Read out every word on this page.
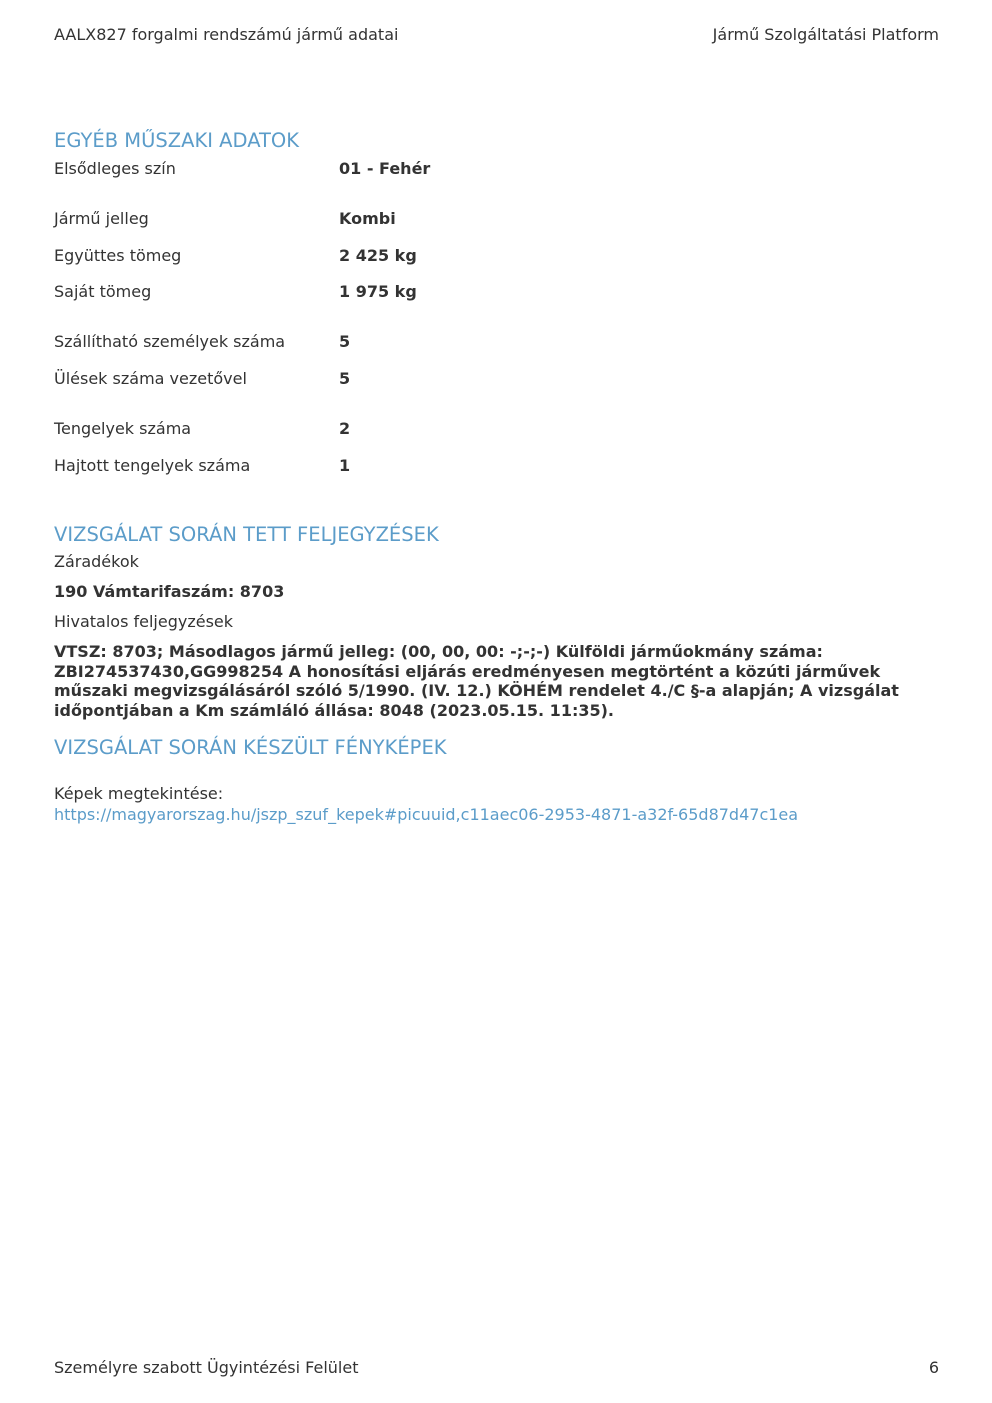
AALX827 forgalmi rendszámú jármű adatai	Jármű Szolgáltatási Platform
EGYÉB MŰSZAKI ADATOK
Elsődleges szín	01 - Fehér
Jármű jelleg	Kombi
Együttes tömeg	2 425 kg
Saját tömeg	1 975 kg
Szállítható személyek száma	5
Ülések száma vezetővel	5
Tengelyek száma	2
Hajtott tengelyek száma	1
VIZSGÁLAT SORÁN TETT FELJEGYZÉSEK
Záradékok
190 Vámtarifaszám: 8703
Hivatalos feljegyzések
VTSZ: 8703; Másodlagos jármű jelleg: (00, 00, 00: -;-;-) Külföldi járműokmány száma:
ZBI274537430,GG998254 A honosítási eljárás eredményesen megtörtént a közúti járművek
műszaki megvizsgálásáról szóló 5/1990. (IV. 12.) KÖHÉM rendelet 4./C §-a alapján; A vizsgálat
időpontjában a Km számláló állása: 8048 (2023.05.15. 11:35).
VIZSGÁLAT SORÁN KÉSZÜLT FÉNYKÉPEK
Képek megtekintése:
https://magyarorszag.hu/jszp_szuf_kepek#picuuid,c11aec06-2953-4871-a32f-65d87d47c1ea
Személyre szabott Ügyintézési Felület	6
